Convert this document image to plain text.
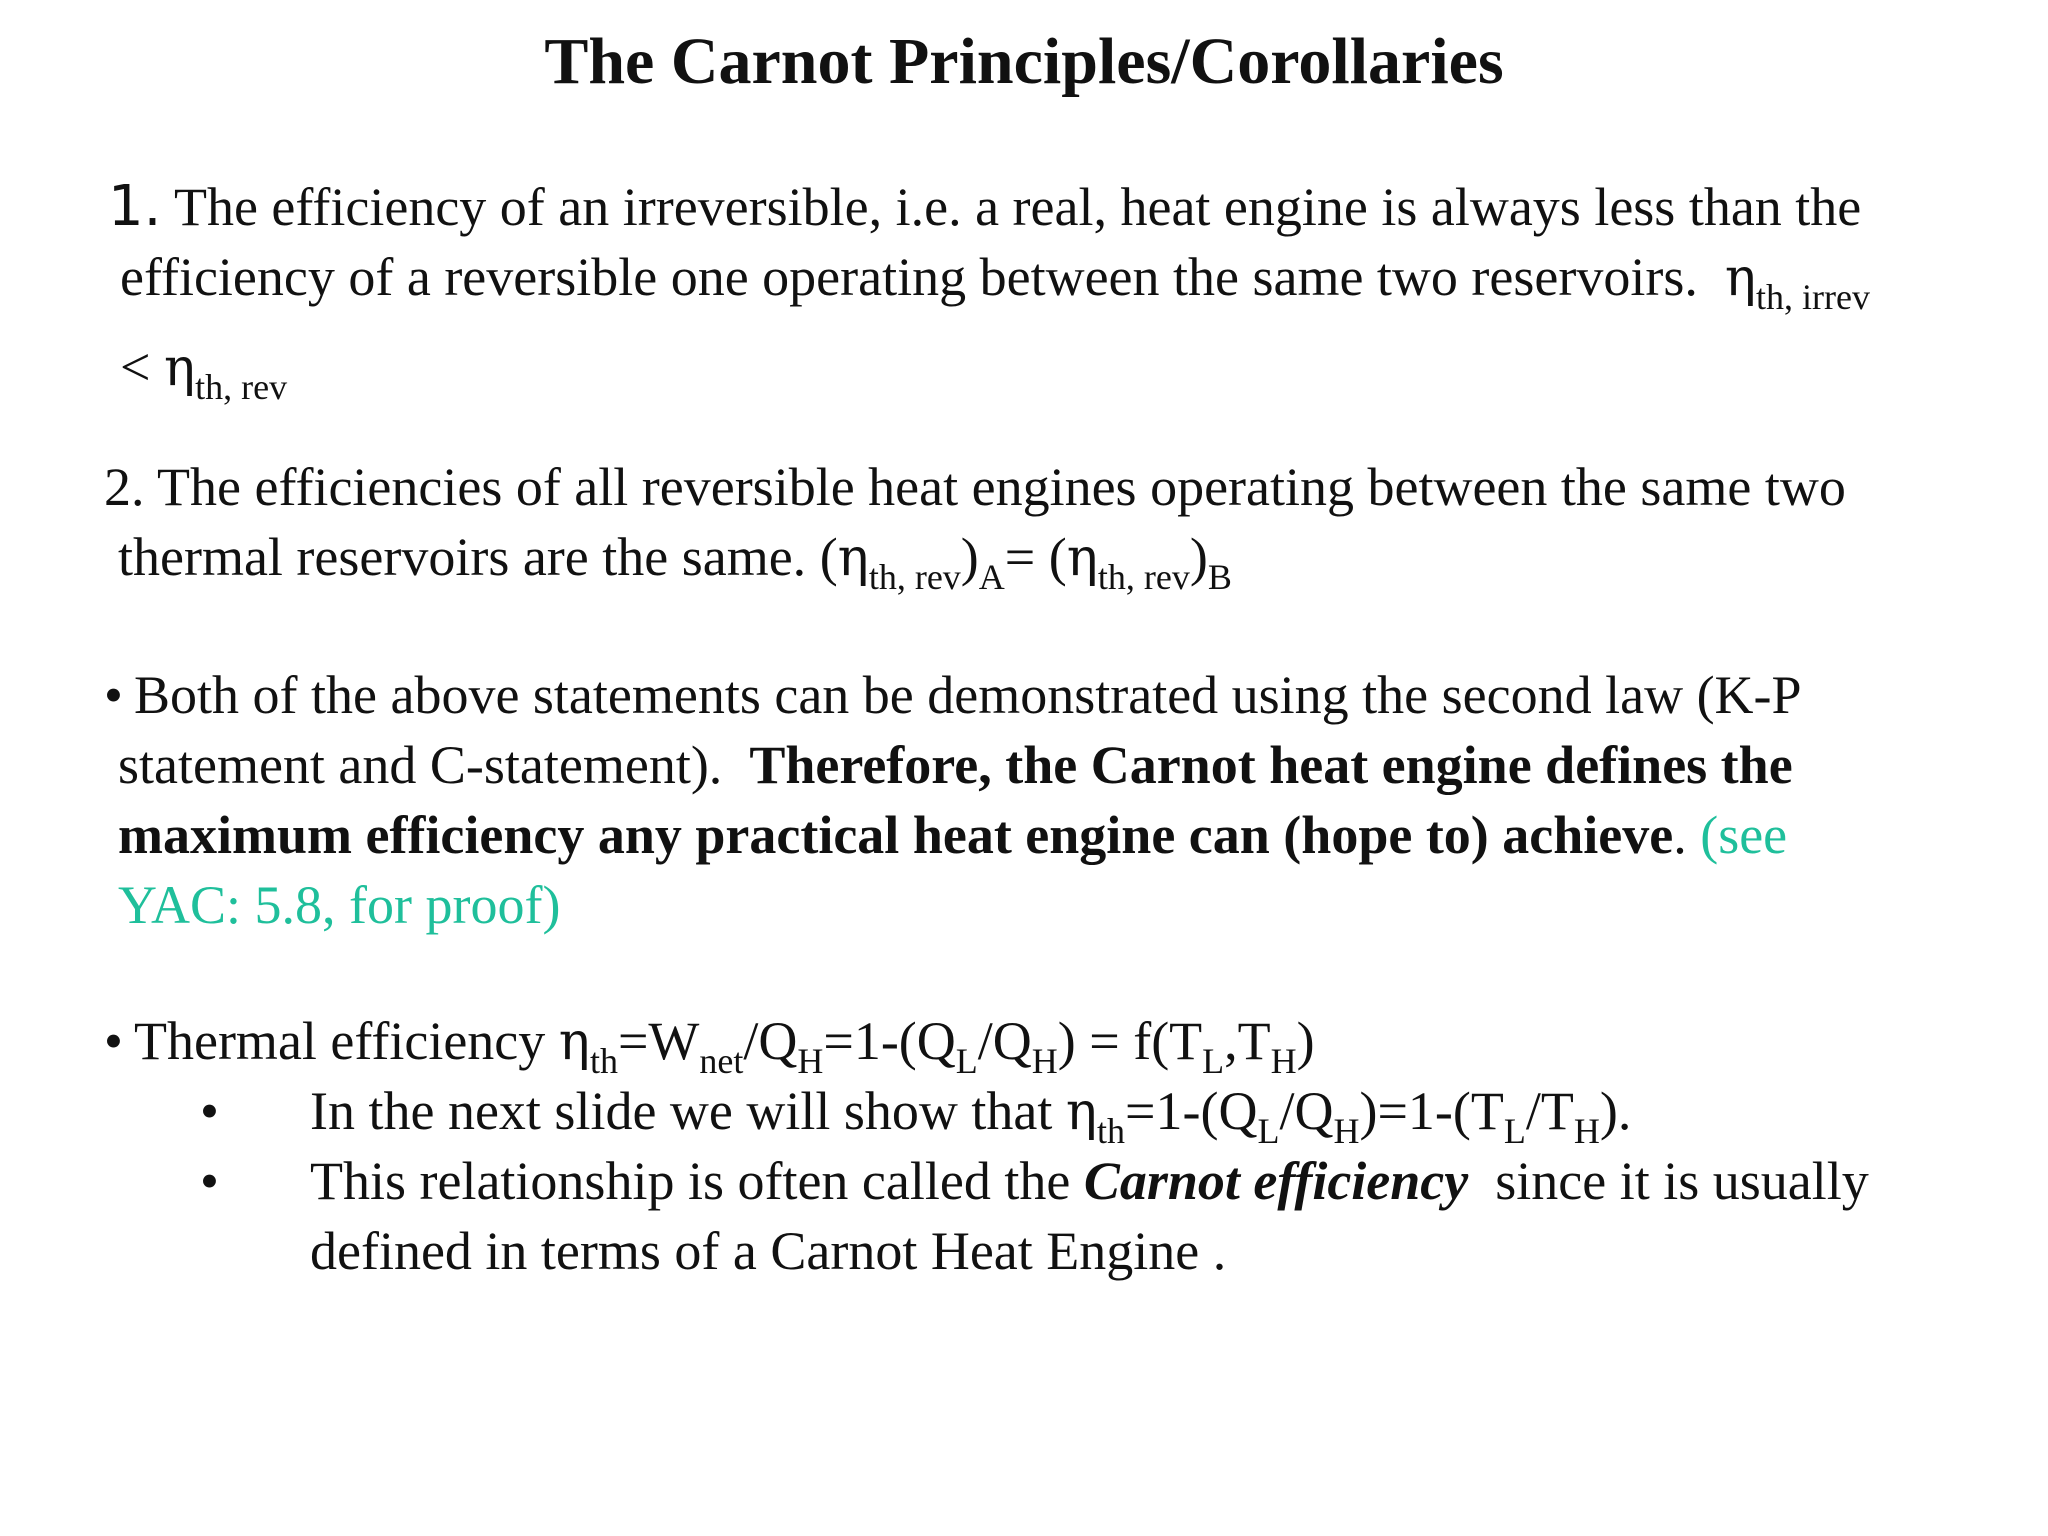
The Carnot Principles/Corollaries
1. The efficiency of an irreversible, i.e. a real, heat engine is always less than the
efficiency of a reversible one operating between the same two reservoirs. $\eta_{th, irrev}$
< $\eta_{th, rev}$
2. The efficiencies of all reversible heat engines operating between the same two
thermal reservoirs are the same. $(\eta_{th, rev})_A= (\eta_{th, rev})_B$
• Both of the above statements can be demonstrated using the second law (K-P
statement and C-statement). Therefore, the Carnot heat engine defines the
maximum efficiency any practical heat engine can (hope to) achieve. (see
YAC: 5.8, for proof)
• Thermal efficiency $\eta_{th}=W_{net}/Q_H=1-(Q_L/Q_H) = f(T_L,T_H)$
• In the next slide we will show that $\eta_{th}=1-(Q_L/Q_H)=1-(T_L/T_H)$.
• This relationship is often called the Carnot efficiency since it is usually
defined in terms of a Carnot Heat Engine .
